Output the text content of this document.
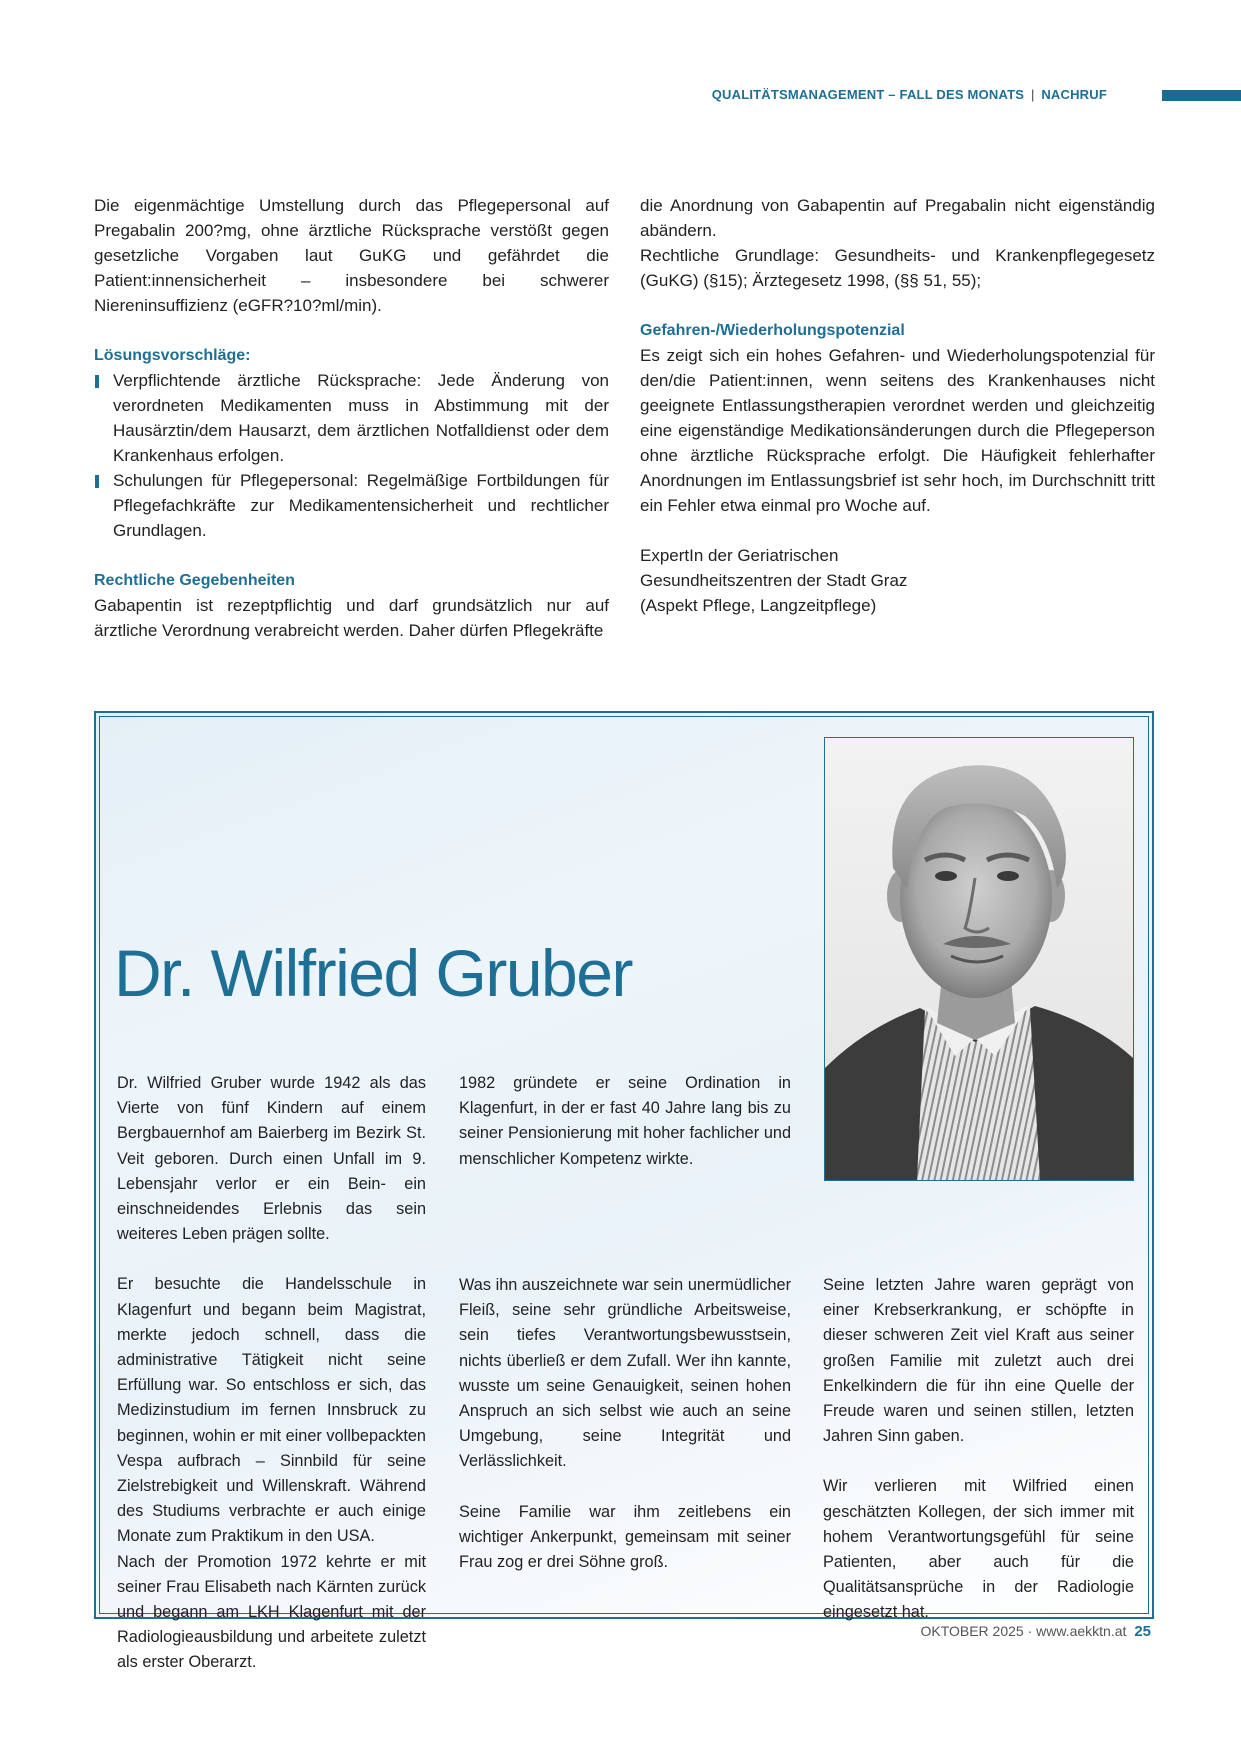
QUALITÄTSMANAGEMENT – FALL DES MONATS | NACHRUF

Die eigenmächtige Umstellung durch das Pflegepersonal auf Pregabalin 200?mg, ohne ärztliche Rücksprache verstößt gegen gesetzliche Vorgaben laut GuKG und gefährdet die Patient:innensicherheit – insbesondere bei schwerer Niereninsuffizienz (eGFR?10?ml/min).

Lösungsvorschläge:

Verpflichtende ärztliche Rücksprache: Jede Änderung von verordneten Medikamenten muss in Abstimmung mit der Hausärztin/dem Hausarzt, dem ärztlichen Notfalldienst oder dem Krankenhaus erfolgen.
Schulungen für Pflegepersonal: Regelmäßige Fortbildungen für Pflegefachkräfte zur Medikamentensicherheit und rechtlicher Grundlagen.

Rechtliche Gegebenheiten

Gabapentin ist rezeptpflichtig und darf grundsätzlich nur auf ärztliche Verordnung verabreicht werden. Daher dürfen Pflegekräfte

die Anordnung von Gabapentin auf Pregabalin nicht eigenständig abändern.

Rechtliche Grundlage: Gesundheits- und Krankenpflegegesetz (GuKG) (§15); Ärztegesetz 1998, (§§ 51, 55);

Gefahren-/Wiederholungspotenzial

Es zeigt sich ein hohes Gefahren- und Wiederholungspotenzial für den/die Patient:innen, wenn seitens des Krankenhauses nicht geeignete Entlassungstherapien verordnet werden und gleichzeitig eine eigenständige Medikationsänderungen durch die Pflegeperson ohne ärztliche Rücksprache erfolgt. Die Häufigkeit fehlerhafter Anordnungen im Entlassungsbrief ist sehr hoch, im Durchschnitt tritt ein Fehler etwa einmal pro Woche auf.

ExpertIn der Geriatrischen

Gesundheitszentren der Stadt Graz

(Aspekt Pflege, Langzeitpflege)

Dr. Wilfried Gruber

Dr. Wilfried Gruber wurde 1942 als das Vierte von fünf Kindern auf einem Bergbauernhof am Baierberg im Bezirk St. Veit geboren. Durch einen Unfall im 9. Lebensjahr verlor er ein Bein- ein einschneidendes Erlebnis das sein weiteres Leben prägen sollte.

Er besuchte die Handelsschule in Klagenfurt und begann beim Magistrat, merkte jedoch schnell, dass die administrative Tätigkeit nicht seine Erfüllung war. So entschloss er sich, das Medizinstudium im fernen Innsbruck zu beginnen, wohin er mit einer vollbepackten Vespa aufbrach – Sinnbild für seine Zielstrebigkeit und Willenskraft. Während des Studiums verbrachte er auch einige Monate zum Praktikum in den USA.

Nach der Promotion 1972 kehrte er mit seiner Frau Elisabeth nach Kärnten zurück und begann am LKH Klagenfurt mit der Radiologieausbildung und arbeitete zuletzt als erster Oberarzt.

1982 gründete er seine Ordination in Klagenfurt, in der er fast 40 Jahre lang bis zu seiner Pensionierung mit hoher fachlicher und menschlicher Kompetenz wirkte.

Was ihn auszeichnete war sein unermüdlicher Fleiß, seine sehr gründliche Arbeitsweise, sein tiefes Verantwortungsbewusstsein, nichts überließ er dem Zufall. Wer ihn kannte, wusste um seine Genauigkeit, seinen hohen Anspruch an sich selbst wie auch an seine Umgebung, seine Integrität und Verlässlichkeit.

Seine Familie war ihm zeitlebens ein wichtiger Ankerpunkt, gemeinsam mit seiner Frau zog er drei Söhne groß.

Seine letzten Jahre waren geprägt von einer Krebserkrankung, er schöpfte in dieser schweren Zeit viel Kraft aus seiner großen Familie mit zuletzt auch drei Enkelkindern die für ihn eine Quelle der Freude waren und seinen stillen, letzten Jahren Sinn gaben.

Wir verlieren mit Wilfried einen geschätzten Kollegen, der sich immer mit hohem Verantwortungsgefühl für seine Patienten, aber auch für die Qualitätsansprüche in der Radiologie eingesetzt hat.

OKTOBER 2025 · www.aekktn.at 25
